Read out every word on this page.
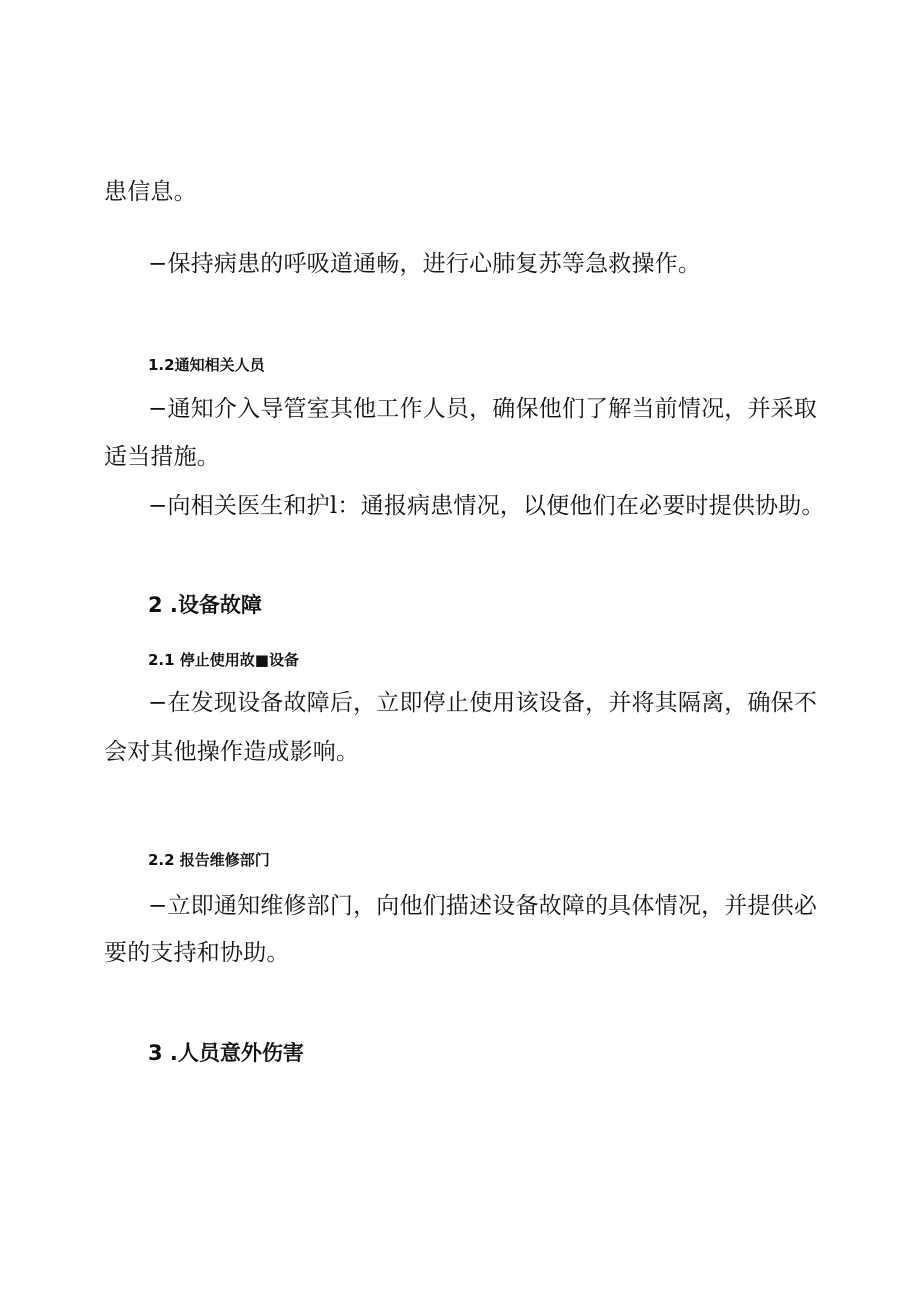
患信息。
−保持病患的呼吸道通畅，进行心肺复苏等急救操作。
1.2通知相关人员
−通知介入导管室其他工作人员，确保他们了解当前情况，并采取
适当措施。
−向相关医生和护l：通报病患情况，以便他们在必要时提供协助。
2 .设备故障
2.1 停止使用故■设备
−在发现设备故障后，立即停止使用该设备，并将其隔离，确保不
会对其他操作造成影响。
2.2 报告维修部门
−立即通知维修部门，向他们描述设备故障的具体情况，并提供必
要的支持和协助。
3 .人员意外伤害
